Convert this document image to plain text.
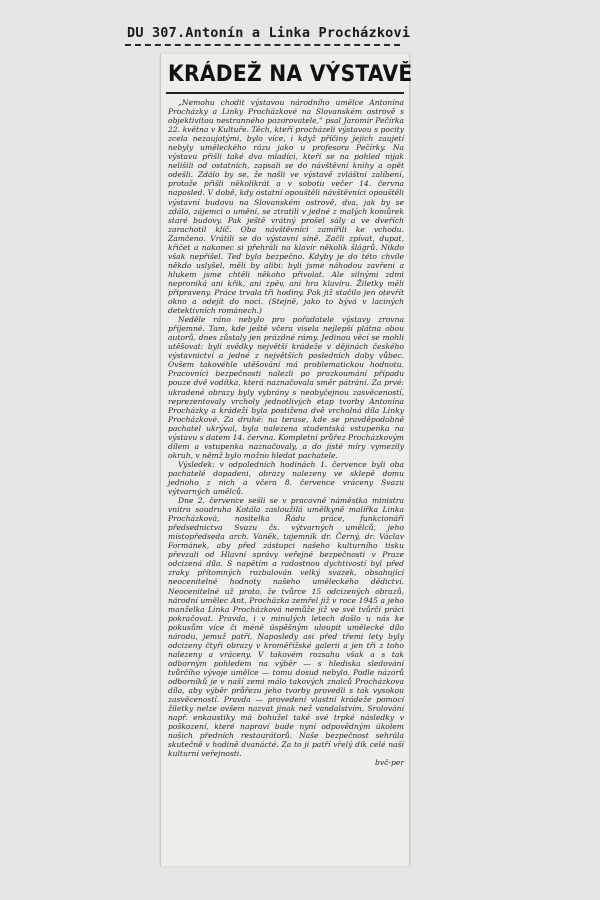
DU 307.Antonín a Linka Procházkovi
KRÁDEŽ NA VÝSTAVĚ

„Nemohu chodit výstavou národního umělce Antonína Procházky a Linky Procházkové na Slovanském ostrově s objektivitou nestranného pozorovatele," psal Jaromír Pečírka 22. května v Kultuře. Těch, kteří procházeli výstavou s pocity zcela nezaujatými, bylo více, i když příčiny jejich zaujetí nebyly uměleckého rázu jako u profesora Pečírky. Na výstavu přišli také dva mladíci, kteří se na pohled nijak nelišili od ostatních, zapsali se do návštěvní knihy a opět odešli. Zdálo by se, že našli ve výstavě zvláštní zalíbení, protože přišli několikrát a v sobotu večer 14. června naposled. V době, kdy ostatní opouštěli návštěvníci opouštěli výstavní budovu na Slovanském ostrově, dva, jak by se zdálo, zájemci o umění, se ztratili v jedné z malých komůrek staré budovy. Pak ještě vrátný prošel sály a ve dveřích zarachotil klíč. Oba návštěvníci zamířili ke vchodu. Zamčeno. Vrátili se do výstavní síně. Začli zpívat, dupat, křičet a nakonec si přehráli na klavír několik šlágrů. Nikdo však nepřišel. Teď bylo bezpečno. Kdyby je do této chvíle někdo uslyšel, měli by alibi: byli jsme náhodou zavřeni a hlukem jsme chtěli někoho přivolat. Ale silnými zdmi neproniká ani křik, ani zpěv, ani hra klavíru. Žiletky měli připraveny. Práce trvala tři hodiny. Pak již stačilo jen otevřít okno a odejít do noci. (Stejně, jako to bývá v laciných detektivních románech.)

Neděle ráno nebylo pro pořadatele výstavy zrovna příjemné. Tam, kde ještě včera visela nejlepší plátna obou autorů, dnes zůstaly jen prázdné rámy. Jedinou věcí se mohli utěšovat: byli svědky největší krádeže v dějinách českého výstavnictví a jedné z největších posledních doby vůbec. Ovšem takovéhle utěšování má problematickou hodnotu. Pracovníci bezpečnosti nalezli po prozkoumání případu pouze dvě vodítka, která naznačovala směr pátrání. Za prvé: ukradené obrazy byly vybrány s neobyčejnou zasvěceností, reprezentovaly vrcholy jednotlivých etap tvorby Antonína Procházky a krádeží byla postižena dvě vrcholná díla Linky Procházkové. Za druhé: na terase, kde se pravděpodobně pachatel ukrýval, byla nalezena studentská vstupenka na výstavu s datem 14. června. Kompletní průřez Procházkovým dílem a vstupenka naznačovaly, a do jisté míry vymezily okruh, v němž bylo možno hledat pachatele.

Výsledek: v odpoledních hodinách 1. července byli oba pachatelé dopadeni, obrazy nalezeny ve sklepě domu jednoho z nich a včera 8. července vráceny Svazu výtvarných umělců.

Dne 2. července sešli se v pracovně náměstka ministra vnitra soudruha Kotála zasloužilá umělkyně malířka Linka Procházková, nositelka Řádu práce, funkcionáři předsednictva Svazu čs. výtvarných umělců, jeho místopředseda arch. Vaněk, tajemník dr. Černý, dr. Václav Formánek, aby před zástupci našeho kulturního tisku převzali od Hlavní správy veřejné bezpečnosti v Praze odcizená díla. S napětím a radostnou dychtivostí byl před zraky přítomných rozbalován velký svazek, obsahující neocenitelné hodnoty našeho uměleckého dědictví. Neocenitelné už proto, že tvůrce 15 odcizených obrazů, národní umělec Ant. Procházka zemřel již v roce 1945 a jeho manželka Linka Procházková nemůže již ve své tvůrčí práci pokračovat. Pravda, i v minulých letech došlo u nás ke pokusům více či méně úspěšným uloupit umělecké dílo národu, jemuž patří. Naposledy asi před třemi lety byly odcizeny čtyři obrazy v kroměřížské galerii a jen tři z toho nalezeny a vráceny. V takovém rozsahu však a s tak odborným pohledem na výběr — s hlediska sledování tvůrčího vývoje umělce — tomu dosud nebylo. Podle názorů odborníků je v naší zemi málo takových znalců Procházkova díla, aby výběr průřezu jeho tvorby provedli s tak vysokou zasvěceností. Pravda — provedení vlastní krádeže pomocí žiletky nelze ovšem nazvat jinak než vandalstvím. Srolování např. enkaustiky má bohužel také své trpké následky v poškození, které napraví bude nyní odpovědným úkolem našich předních restaurátorů. Naše bezpečnost sehrála skutečně v hodině dvanácté. Za to ji patří vřelý dík celé naší kulturní veřejnosti.

bvč-per
